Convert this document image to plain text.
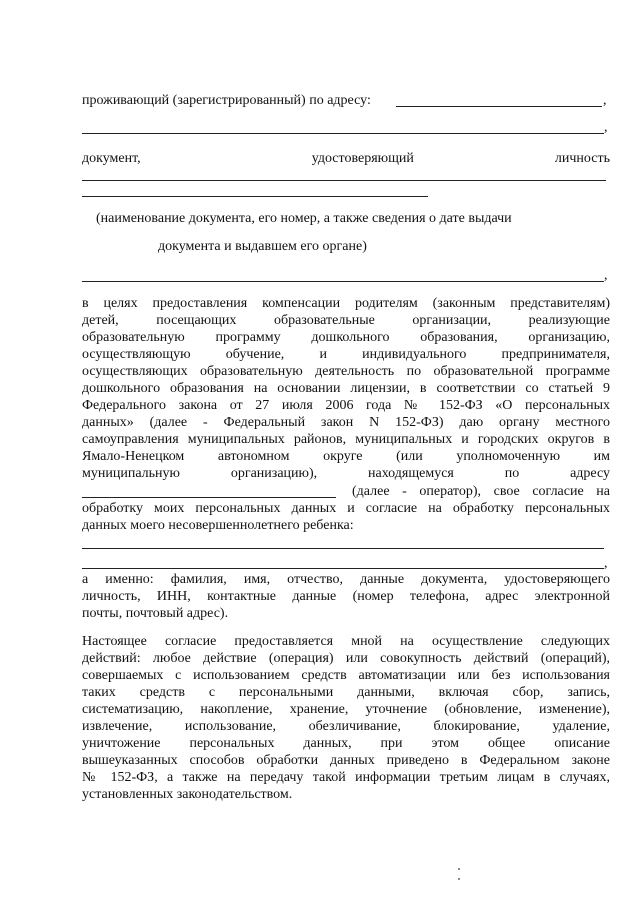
проживающий (зарегистрированный) по адресу:	,
,
документ,	удостоверяющий	личность
(наименование документа, его номер, а также сведения о дате выдачи
документа и выдавшем его органе)
,
в целях предоставления компенсации родителям (законным представителям)
детей, посещающих образовательные организации, реализующие
образовательную программу дошкольного образования, организацию,
осуществляющую обучение, и индивидуального предпринимателя,
осуществляющих образовательную деятельность по образовательной программе
дошкольного образования на основании лицензии, в соответствии со статьей 9
Федерального закона от 27 июля 2006 года № 152-ФЗ «О персональных
данных» (далее - Федеральный закон N 152-ФЗ) даю органу местного
самоуправления муниципальных районов, муниципальных и городских округов в
Ямало-Ненецком автономном округе (или уполномоченную им
муниципальную организацию), находящемуся по адресу
(далее - оператор), свое согласие на
обработку моих персональных данных и согласие на обработку персональных
данных моего несовершеннолетнего ребенка:
,
а именно: фамилия, имя, отчество, данные документа, удостоверяющего
личность, ИНН, контактные данные (номер телефона, адрес электронной
почты, почтовый адрес).
Настоящее согласие предоставляется мной на осуществление следующих
действий: любое действие (операция) или совокупность действий (операций),
совершаемых с использованием средств автоматизации или без использования
таких средств с персональными данными, включая сбор, запись,
систематизацию, накопление, хранение, уточнение (обновление, изменение),
извлечение, использование, обезличивание, блокирование, удаление,
уничтожение персональных данных, при этом общее описание
вышеуказанных способов обработки данных приведено в Федеральном законе
№ 152-ФЗ, а также на передачу такой информации третьим лицам в случаях,
установленных законодательством.
